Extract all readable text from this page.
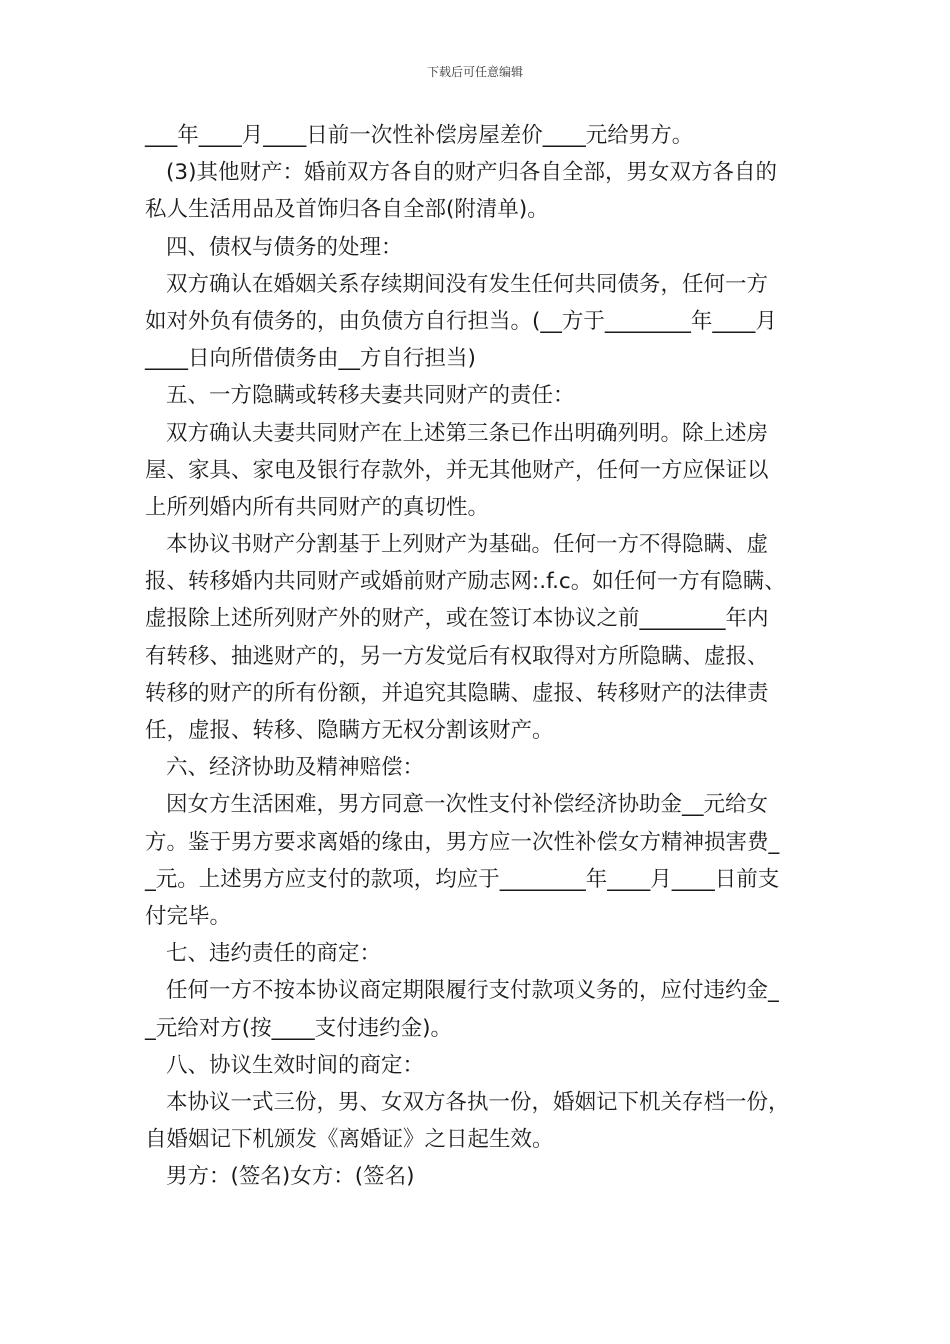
下载后可任意编辑
___年____月____日前一次性补偿房屋差价____元给男方。
(3)其他财产：婚前双方各自的财产归各自全部，男女双方各自的
私人生活用品及首饰归各自全部(附清单)。
四、债权与债务的处理：
双方确认在婚姻关系存续期间没有发生任何共同债务，任何一方
如对外负有债务的，由负债方自行担当。(__方于________年____月
____日向所借债务由__方自行担当)
五、一方隐瞒或转移夫妻共同财产的责任：
双方确认夫妻共同财产在上述第三条已作出明确列明。除上述房
屋、家具、家电及银行存款外，并无其他财产，任何一方应保证以
上所列婚内所有共同财产的真切性。
本协议书财产分割基于上列财产为基础。任何一方不得隐瞒、虚
报、转移婚内共同财产或婚前财产励志网:.f.c。如任何一方有隐瞒、
虚报除上述所列财产外的财产，或在签订本协议之前________年内
有转移、抽逃财产的，另一方发觉后有权取得对方所隐瞒、虚报、
转移的财产的所有份额，并追究其隐瞒、虚报、转移财产的法律责
任，虚报、转移、隐瞒方无权分割该财产。
六、经济协助及精神赔偿：
因女方生活困难，男方同意一次性支付补偿经济协助金__元给女
方。鉴于男方要求离婚的缘由，男方应一次性补偿女方精神损害费_
_元。上述男方应支付的款项，均应于________年____月____日前支
付完毕。
七、违约责任的商定：
任何一方不按本协议商定期限履行支付款项义务的，应付违约金_
_元给对方(按____支付违约金)。
八、协议生效时间的商定：
本协议一式三份，男、女双方各执一份，婚姻记下机关存档一份，
自婚姻记下机颁发《离婚证》之日起生效。
男方：(签名)女方：(签名)
